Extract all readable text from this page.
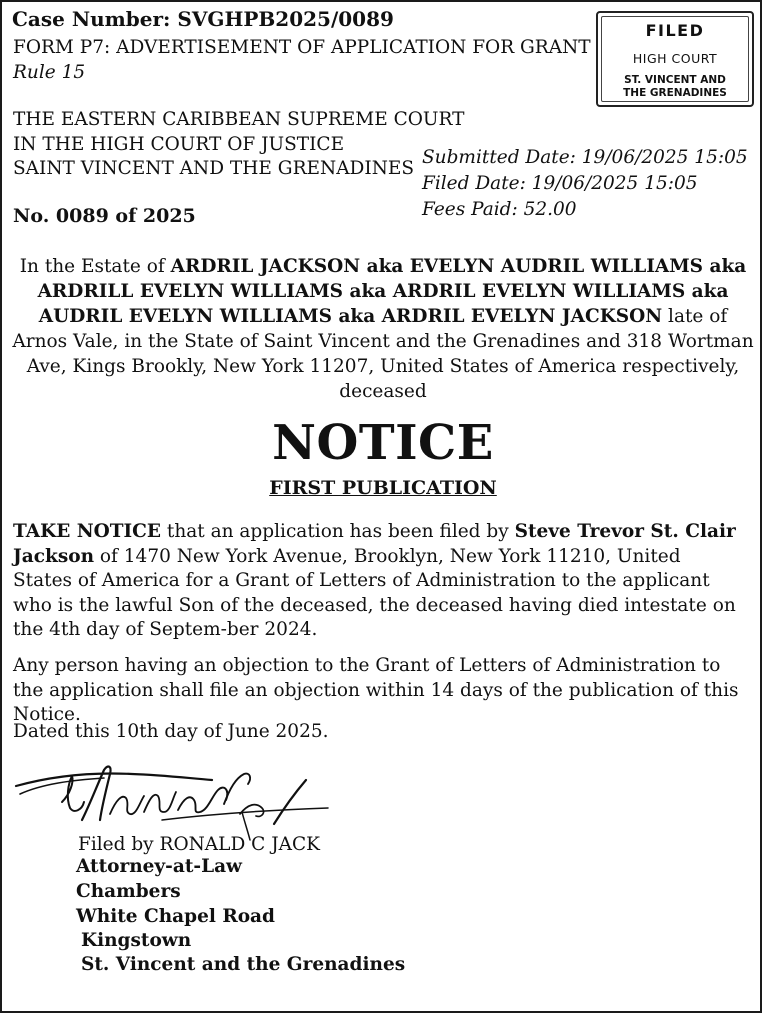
Case Number: SVGHPB2025/0089
FORM P7: ADVERTISEMENT OF APPLICATION FOR GRANT
Rule 15
FILED
HIGH COURT
ST. VINCENT AND
THE GRENADINES
THE EASTERN CARIBBEAN SUPREME COURT
IN THE HIGH COURT OF JUSTICE
SAINT VINCENT AND THE GRENADINES
Submitted Date: 19/06/2025 15:05
Filed Date: 19/06/2025 15:05
Fees Paid: 52.00
No. 0089 of 2025
In the Estate of ARDRIL JACKSON aka EVELYN AUDRIL WILLIAMS aka ARDRILL EVELYN WILLIAMS aka ARDRIL EVELYN WILLIAMS aka AUDRIL EVELYN WILLIAMS aka ARDRIL EVELYN JACKSON late of Arnos Vale, in the State of Saint Vincent and the Grenadines and 318 Wortman Ave, Kings Brookly, New York 11207, United States of America respectively, deceased
NOTICE
FIRST PUBLICATION
TAKE NOTICE that an application has been filed by Steve Trevor St. Clair Jackson of 1470 New York Avenue, Brooklyn, New York 11210, United States of America for a Grant of Letters of Administration to the applicant who is the lawful Son of the deceased, the deceased having died intestate on the 4th day of Septem-ber 2024.
Any person having an objection to the Grant of Letters of Administration to the application shall file an objection within 14 days of the publication of this Notice.
Dated this 10th day of June 2025.
Filed by RONALD C JACK
Attorney-at-Law
Chambers
White Chapel Road
Kingstown
St. Vincent and the Grenadines
